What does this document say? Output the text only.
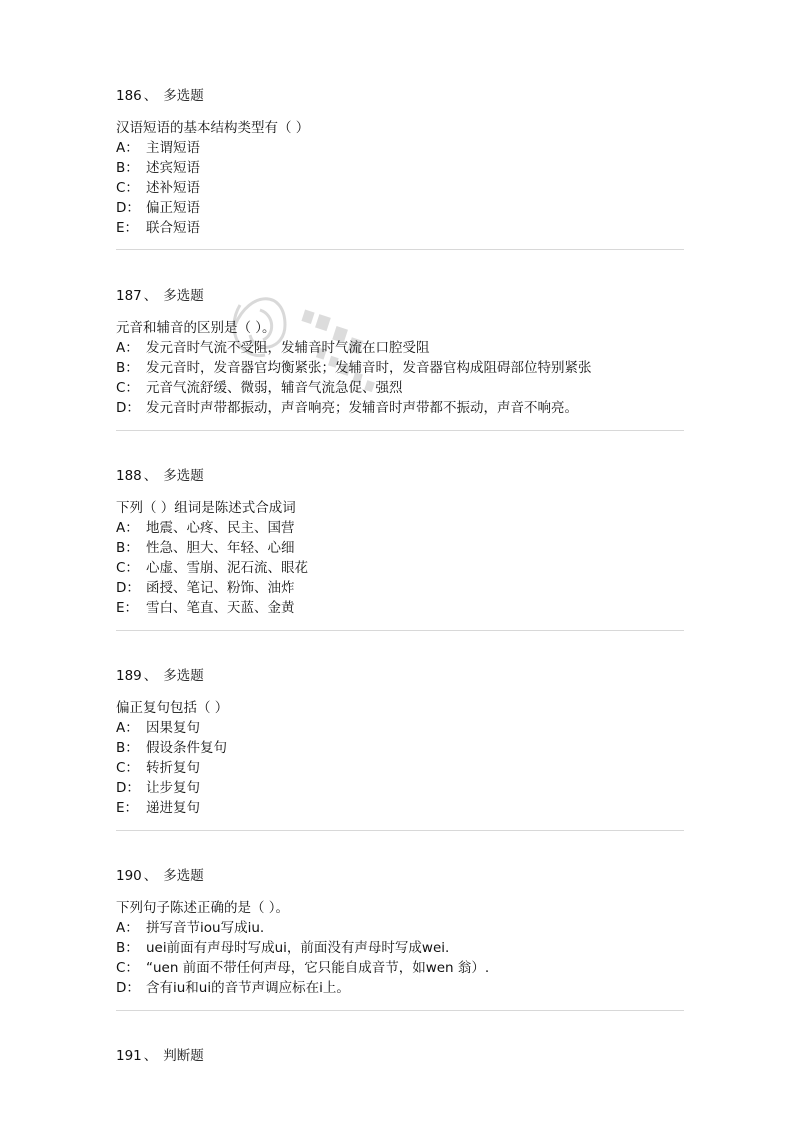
186 、 多选题
汉语短语的基本结构类型有（ ）
A： 主谓短语
B： 述宾短语
C： 述补短语
D： 偏正短语
E： 联合短语
187 、 多选题
元音和辅音的区别是（ ）。
A： 发元音时气流不受阻，发辅音时气流在口腔受阻
B： 发元音时，发音器官均衡紧张；发辅音时，发音器官构成阻碍部位特别紧张
C： 元音气流舒缓、微弱，辅音气流急促、强烈
D： 发元音时声带都振动，声音响亮；发辅音时声带都不振动，声音不响亮。
188 、 多选题
下列（ ）组词是陈述式合成词
A： 地震、心疼、民主、国营
B： 性急、胆大、年轻、心细
C： 心虚、雪崩、泥石流、眼花
D： 函授、笔记、粉饰、油炸
E： 雪白、笔直、天蓝、金黄
189 、 多选题
偏正复句包括（ ）
A： 因果复句
B： 假设条件复句
C： 转折复句
D： 让步复句
E： 递进复句
190 、 多选题
下列句子陈述正确的是（ ）。
A： 拼写音节iou写成iu.
B： uei前面有声母时写成ui，前面没有声母时写成wei.
C： “uen 前面不带任何声母，它只能自成音节，如wen 翁）.
D： 含有iu和ui的音节声调应标在i上。
191 、 判断题
